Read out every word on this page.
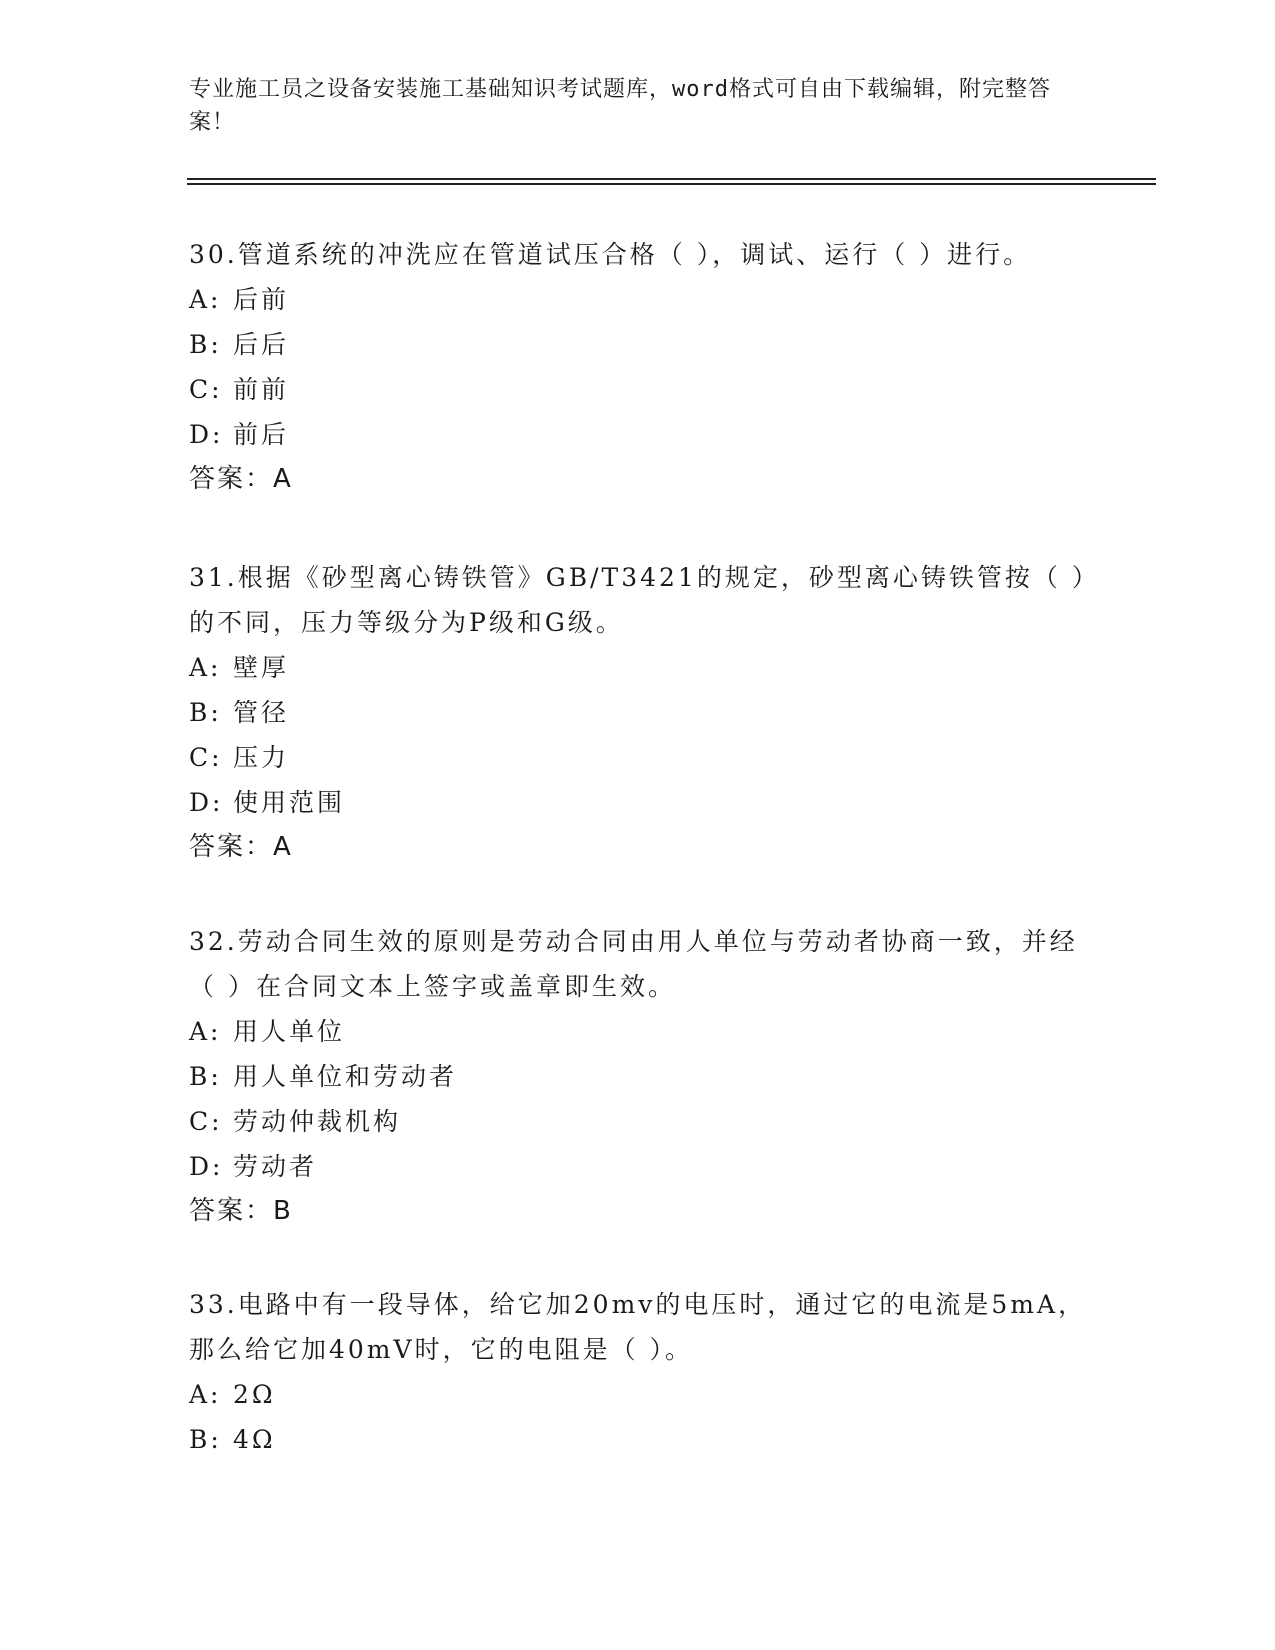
专业施工员之设备安装施工基础知识考试题库，word格式可自由下载编辑，附完整答案！

30.管道系统的冲洗应在管道试压合格（ ），调试、运行（ ）进行。

A: 后前

B: 后后

C: 前前

D: 前后

答案：A

31.根据《砂型离心铸铁管》GB/T3421的规定，砂型离心铸铁管按（ ）的不同，压力等级分为P级和G级。

A: 壁厚

B: 管径

C: 压力

D: 使用范围

答案：A

32.劳动合同生效的原则是劳动合同由用人单位与劳动者协商一致，并经（ ）在合同文本上签字或盖章即生效。

A: 用人单位

B: 用人单位和劳动者

C: 劳动仲裁机构

D: 劳动者

答案：B

33.电路中有一段导体，给它加20mv的电压时，通过它的电流是5mA，那么给它加40mV时，它的电阻是（ ）。

A: 2Ω

B: 4Ω
